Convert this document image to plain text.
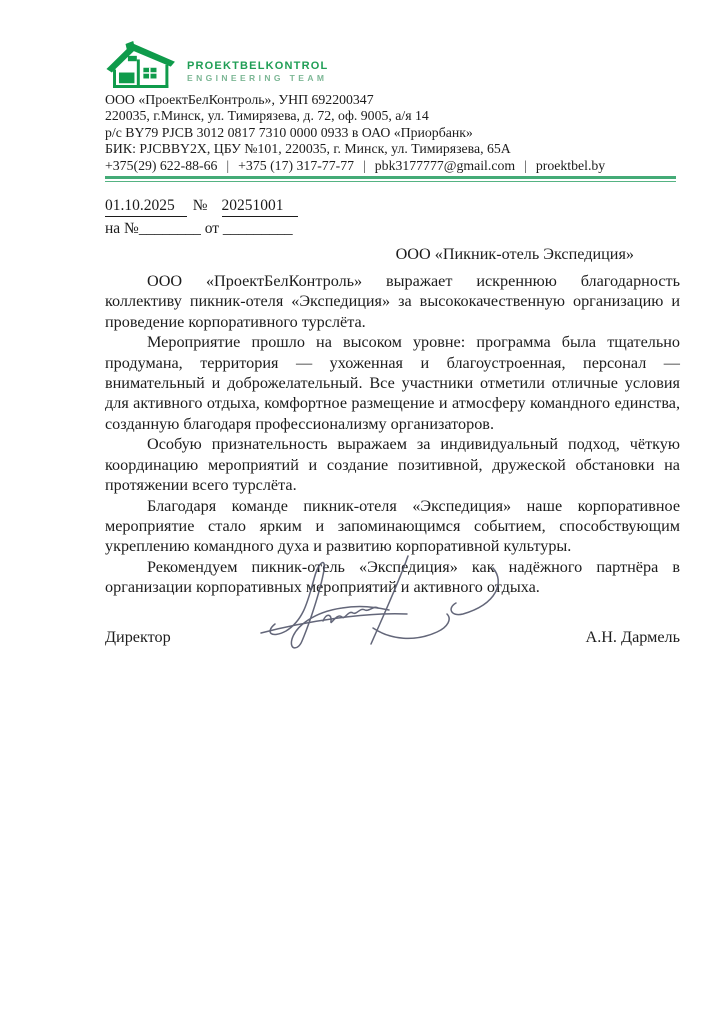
proektbelkontrol
ENGINEERING TEAM
ООО «ПроектБелКонтроль», УНП 692200347
220035, г.Минск, ул. Тимирязева, д. 72, оф. 9005, а/я 14
р/с BY79 PJCB 3012 0817 7310 0000 0933 в ОАО «Приорбанк»
БИК: PJCBBY2X, ЦБУ №101, 220035, г. Минск, ул. Тимирязева, 65А
+375(29) 622-88-66 | +375 (17) 317-77-77 | pbk3177777@gmail.com | proektbel.by
01.10.2025 № 20251001
на №________ от _________
ООО «Пикник-отель Экспедиция»

ООО «ПроектБелКонтроль» выражает искреннюю благодарность коллективу пикник-отеля «Экспедиция» за высококачественную организацию и проведение корпоративного турслёта.

Мероприятие прошло на высоком уровне: программа была тщательно продумана, территория — ухоженная и благоустроенная, персонал — внимательный и доброжелательный. Все участники отметили отличные условия для активного отдыха, комфортное размещение и атмосферу командного единства, созданную благодаря профессионализму организаторов.

Особую признательность выражаем за индивидуальный подход, чёткую координацию мероприятий и создание позитивной, дружеской обстановки на протяжении всего турслёта.

Благодаря команде пикник-отеля «Экспедиция» наше корпоративное мероприятие стало ярким и запоминающимся событием, способствующим укреплению командного духа и развитию корпоративной культуры.

Рекомендуем пикник-отель «Экспедиция» как надёжного партнёра в организации корпоративных мероприятий и активного отдыха.

Директор	А.Н. Дармель
